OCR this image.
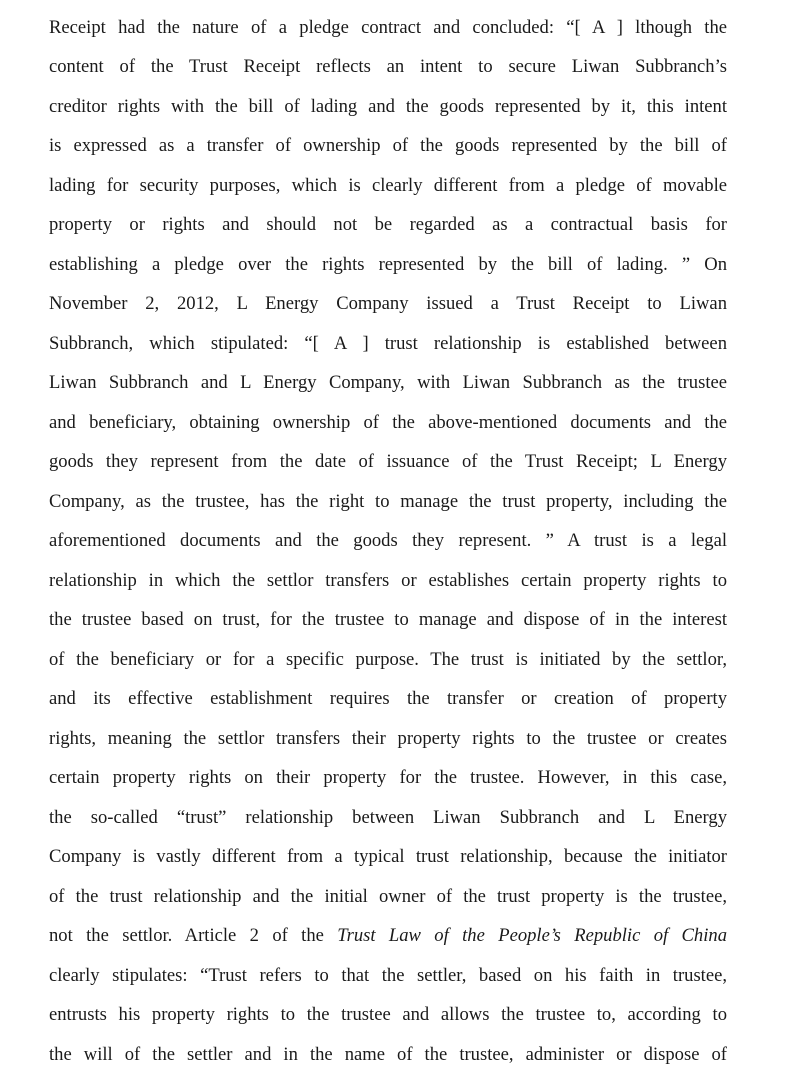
Receipt had the nature of a pledge contract and concluded: “[ A ] lthough the
content of the Trust Receipt reflects an intent to secure Liwan Subbranch’s
creditor rights with the bill of lading and the goods represented by it, this intent
is expressed as a transfer of ownership of the goods represented by the bill of
lading for security purposes, which is clearly different from a pledge of movable
property or rights and should not be regarded as a contractual basis for
establishing a pledge over the rights represented by the bill of lading. ” On
November 2, 2012, L Energy Company issued a Trust Receipt to Liwan
Subbranch, which stipulated: “[ A ] trust relationship is established between
Liwan Subbranch and L Energy Company, with Liwan Subbranch as the trustee
and beneficiary, obtaining ownership of the above-mentioned documents and the
goods they represent from the date of issuance of the Trust Receipt; L Energy
Company, as the trustee, has the right to manage the trust property, including the
aforementioned documents and the goods they represent. ” A trust is a legal
relationship in which the settlor transfers or establishes certain property rights to
the trustee based on trust, for the trustee to manage and dispose of in the interest
of the beneficiary or for a specific purpose. The trust is initiated by the settlor,
and its effective establishment requires the transfer or creation of property
rights, meaning the settlor transfers their property rights to the trustee or creates
certain property rights on their property for the trustee. However, in this case,
the so-called “trust” relationship between Liwan Subbranch and L Energy
Company is vastly different from a typical trust relationship, because the initiator
of the trust relationship and the initial owner of the trust property is the trustee,
not the settlor. Article 2 of the Trust Law of the People’s Republic of China
clearly stipulates: “Trust refers to that the settler, based on his faith in trustee,
entrusts his property rights to the trustee and allows the trustee to, according to
the will of the settler and in the name of the trustee, administer or dispose of
